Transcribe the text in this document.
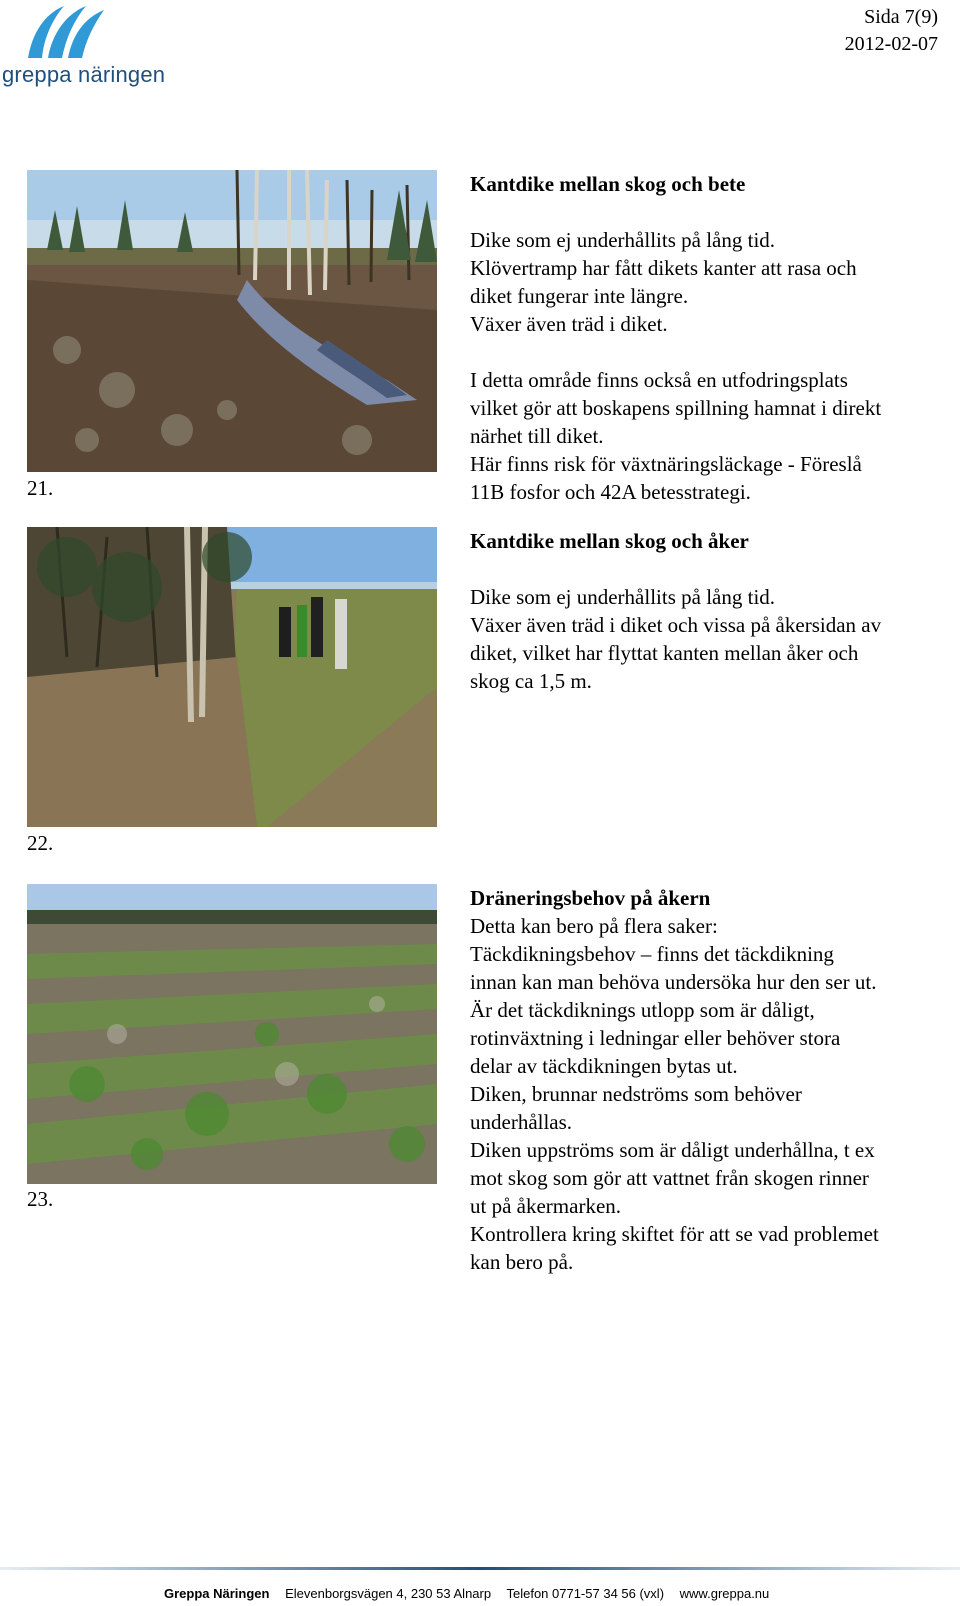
greppa näringen
Sida 7(9)
2012-02-07
21.
Kantdike mellan skog och bete

Dike som ej underhållits på lång tid.

Klövertramp har fått dikets kanter att rasa och

diket fungerar inte längre.

Växer även träd i diket.

I detta område finns också en utfodringsplats

vilket gör att boskapens spillning hamnat i direkt

närhet till diket.

Här finns risk för växtnäringsläckage - Föreslå

11B fosfor och 42A betesstrategi.

22.
Kantdike mellan skog och åker

Dike som ej underhållits på lång tid.

Växer även träd i diket och vissa på åkersidan av

diket, vilket har flyttat kanten mellan åker och

skog ca 1,5 m.

23.
Dräneringsbehov på åkern

Detta kan bero på flera saker:

Täckdikningsbehov – finns det täckdikning

innan kan man behöva undersöka hur den ser ut.

Är det täckdiknings utlopp som är dåligt,

rotinväxtning i ledningar eller behöver stora

delar av täckdikningen bytas ut.

Diken, brunnar nedströms som behöver

underhållas.

Diken uppströms som är dåligt underhållna, t ex

mot skog som gör att vattnet från skogen rinner

ut på åkermarken.

Kontrollera kring skiftet för att se vad problemet

kan bero på.

Greppa Näringen Elevenborgsvägen 4, 230 53 Alnarp Telefon 0771-57 34 56 (vxl) www.greppa.nu
